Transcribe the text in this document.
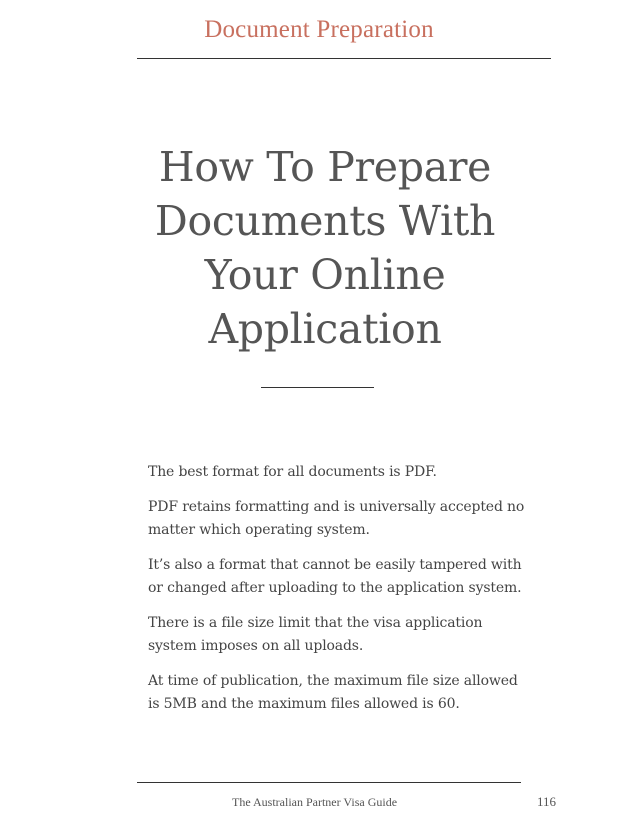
Document Preparation
How To Prepare
Documents With
Your Online
Application

The best format for all documents is PDF.

PDF retains formatting and is universally accepted no matter which operating system.

It’s also a format that cannot be easily tampered with or changed after uploading to the application system.

There is a file size limit that the visa application system imposes on all uploads.

At time of publication, the maximum file size allowed is 5MB and the maximum files allowed is 60.

The Australian Partner Visa Guide	116
